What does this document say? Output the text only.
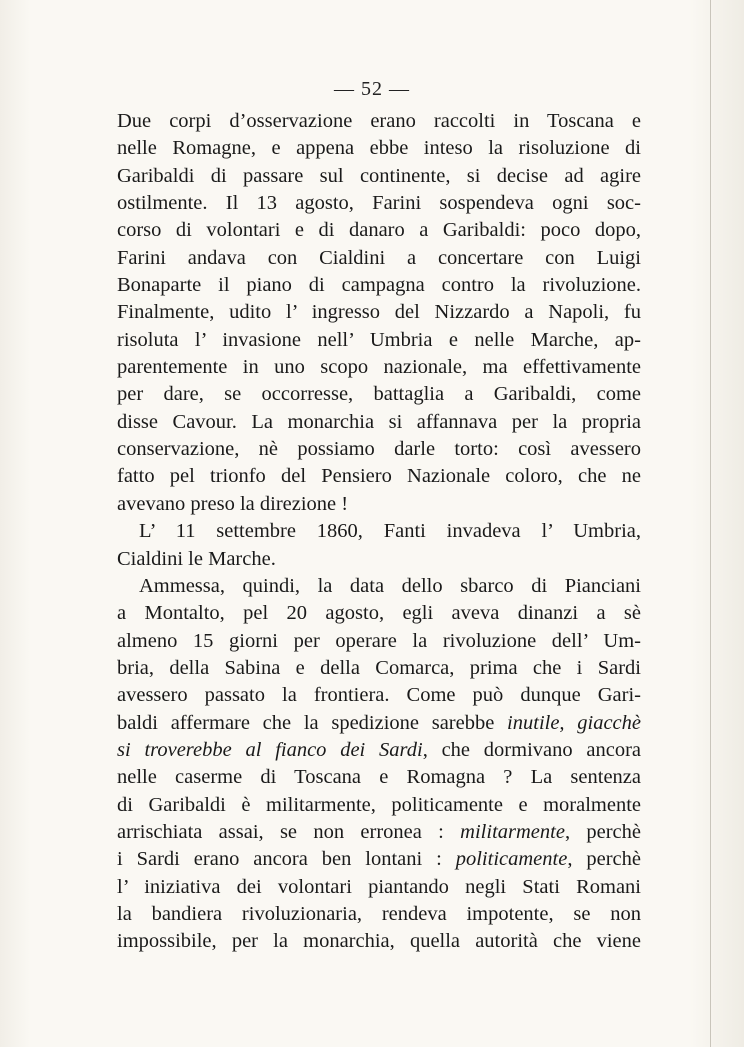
— 52 —
Due corpi d’osservazione erano raccolti in Toscana e
nelle Romagne, e appena ebbe inteso la risoluzione di
Garibaldi di passare sul continente, si decise ad agire
ostilmente. Il 13 agosto, Farini sospendeva ogni soc-
corso di volontari e di danaro a Garibaldi: poco dopo,
Farini andava con Cialdini a concertare con Luigi
Bonaparte il piano di campagna contro la rivoluzione.
Finalmente, udito l’ ingresso del Nizzardo a Napoli, fu
risoluta l’ invasione nell’ Umbria e nelle Marche, ap-
parentemente in uno scopo nazionale, ma effettivamente
per dare, se occorresse, battaglia a Garibaldi, come
disse Cavour. La monarchia si affannava per la propria
conservazione, nè possiamo darle torto: così avessero
fatto pel trionfo del Pensiero Nazionale coloro, che ne
avevano preso la direzione !
L’ 11 settembre 1860, Fanti invadeva l’ Umbria,
Cialdini le Marche.
Ammessa, quindi, la data dello sbarco di Pianciani
a Montalto, pel 20 agosto, egli aveva dinanzi a sè
almeno 15 giorni per operare la rivoluzione dell’ Um-
bria, della Sabina e della Comarca, prima che i Sardi
avessero passato la frontiera. Come può dunque Gari-
baldi affermare che la spedizione sarebbe inutile, giacchè
si troverebbe al fianco dei Sardi, che dormivano ancora
nelle caserme di Toscana e Romagna ? La sentenza
di Garibaldi è militarmente, politicamente e moralmente
arrischiata assai, se non erronea : militarmente, perchè
i Sardi erano ancora ben lontani : politicamente, perchè
l’ iniziativa dei volontari piantando negli Stati Romani
la bandiera rivoluzionaria, rendeva impotente, se non
impossibile, per la monarchia, quella autorità che viene
